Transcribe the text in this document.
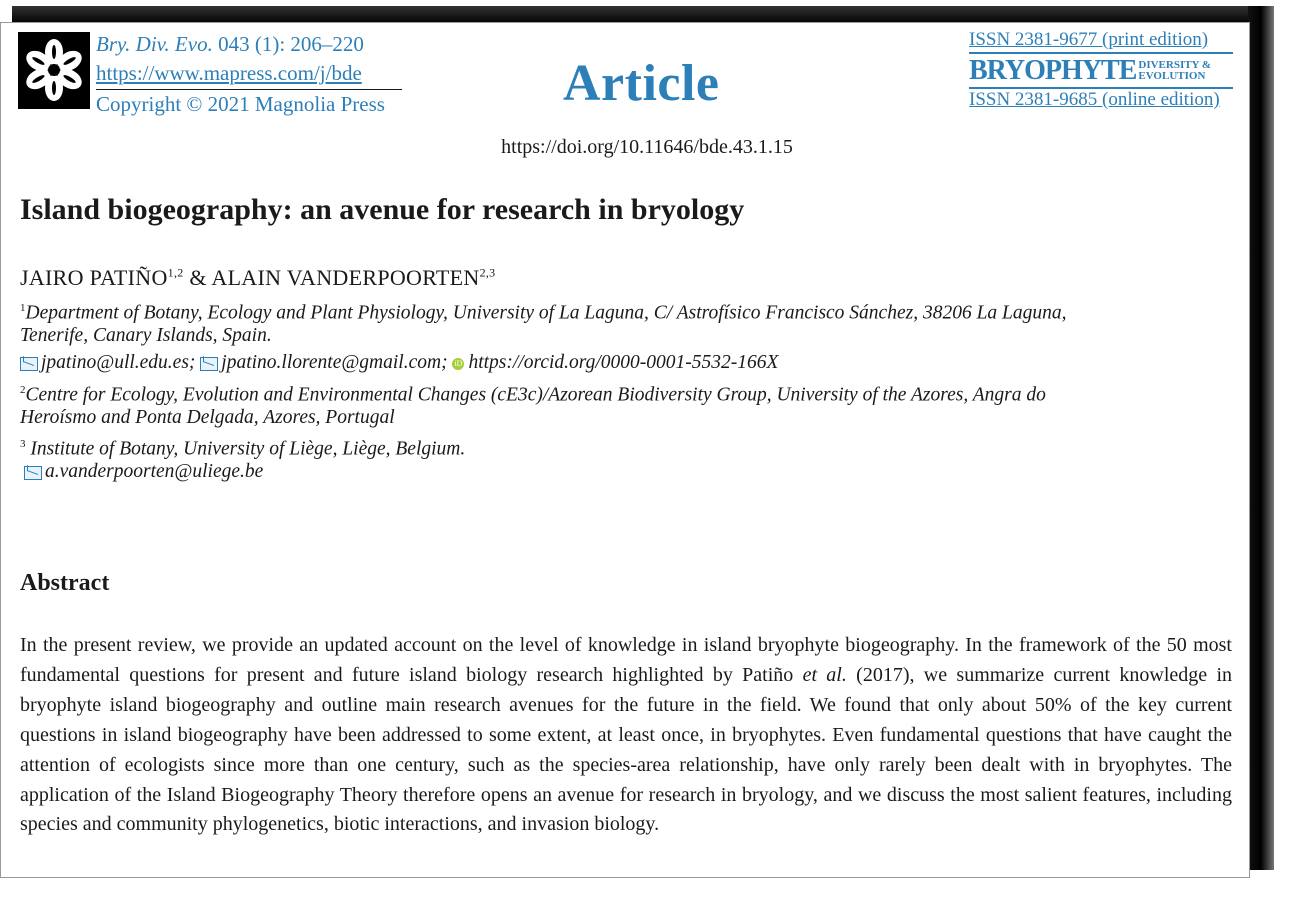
Bry. Div. Evo. 043 (1): 206–220
https://www.mapress.com/j/bde
Copyright © 2021 Magnolia Press	Article
ISSN 2381-9677 (print edition)
BRYOPHYTE DIVERSITY &
EVOLUTION
ISSN 2381-9685 (online edition)
https://doi.org/10.11646/bde.43.1.15
Island biogeography: an avenue for research in bryology
JAIRO PATIÑO$^{1,2}$ & ALAIN VANDERPOORTEN$^{2,3}$
$^1$Department of Botany, Ecology and Plant Physiology, University of La Laguna, C/ Astrofísico Francisco Sánchez, 38206 La Laguna,
Tenerife, Canary Islands, Spain.
jpatino@ull.edu.es; jpatino.llorente@gmail.com; iD https://orcid.org/0000-0001-5532-166X
$^2$Centre for Ecology, Evolution and Environmental Changes (cE3c)/Azorean Biodiversity Group, University of the Azores, Angra do
Heroísmo and Ponta Delgada, Azores, Portugal
$^3$ Institute of Botany, University of Liège, Liège, Belgium.
a.vanderpoorten@uliege.be
Abstract
In the present review, we provide an updated account on the level of knowledge in island bryophyte biogeography. In the framework of the 50 most fundamental questions for present and future island biology research highlighted by Patiño et al. (2017), we summarize current knowledge in bryophyte island biogeography and outline main research avenues for the future in the field. We found that only about 50% of the key current questions in island biogeography have been addressed to some extent, at least once, in bryophytes. Even fundamental questions that have caught the attention of ecologists since more than one century, such as the species-area relationship, have only rarely been dealt with in bryophytes. The application of the Island Biogeography Theory therefore opens an avenue for research in bryology, and we discuss the most salient features, including species and community phylogenetics, biotic interactions, and invasion biology.
